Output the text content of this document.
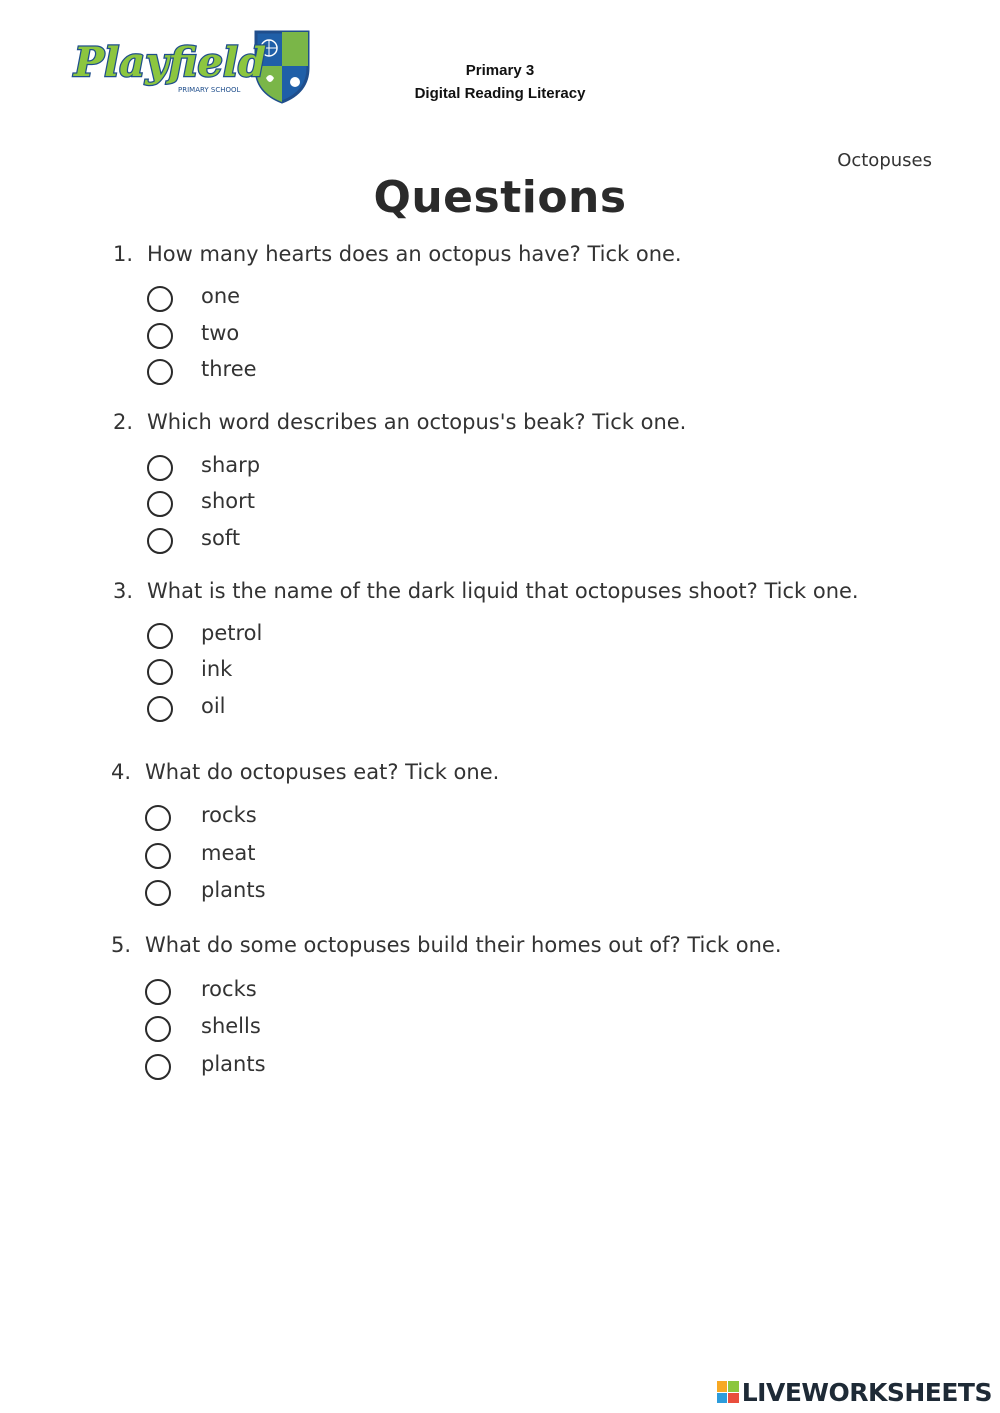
Playfield
PRIMARY SCHOOL
Primary 3
Digital Reading Literacy
Octopuses
Questions
1. How many hearts does an octopus have? Tick one.
one
two
three
2. Which word describes an octopus's beak? Tick one.
sharp
short
soft
3. What is the name of the dark liquid that octopuses shoot? Tick one.
petrol
ink
oil
4. What do octopuses eat? Tick one.
rocks
meat
plants
5. What do some octopuses build their homes out of? Tick one.
rocks
shells
plants
LIVEWORKSHEETS
